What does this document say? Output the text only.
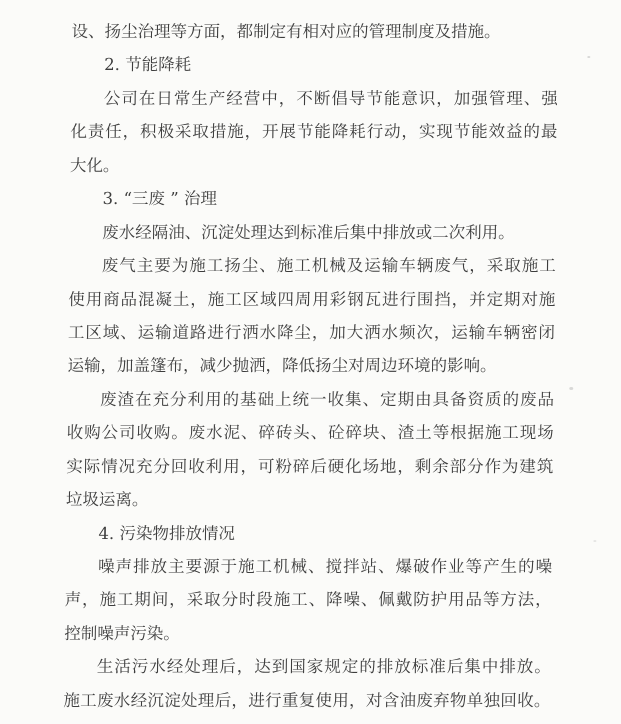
设、扬尘治理等方面，都制定有相对应的管理制度及措施。
2. 节能降耗
公司在日常生产经营中，不断倡导节能意识，加强管理、强
化责任，积极采取措施，开展节能降耗行动，实现节能效益的最
大化。
3. “三废 ” 治理
废水经隔油、沉淀处理达到标准后集中排放或二次利用。
废气主要为施工扬尘、施工机械及运输车辆废气，采取施工
使用商品混凝土，施工区域四周用彩钢瓦进行围挡，并定期对施
工区域、运输道路进行洒水降尘，加大洒水频次，运输车辆密闭
运输，加盖篷布，减少抛洒，降低扬尘对周边环境的影响。
废渣在充分利用的基础上统一收集、定期由具备资质的废品
收购公司收购。废水泥、碎砖头、砼碎块、渣土等根据施工现场
实际情况充分回收利用，可粉碎后硬化场地，剩余部分作为建筑
垃圾运离。
4. 污染物排放情况
噪声排放主要源于施工机械、搅拌站、爆破作业等产生的噪
声，施工期间，采取分时段施工、降噪、佩戴防护用品等方法，
控制噪声污染。
生活污水经处理后，达到国家规定的排放标准后集中排放。
施工废水经沉淀处理后，进行重复使用，对含油废弃物单独回收。
